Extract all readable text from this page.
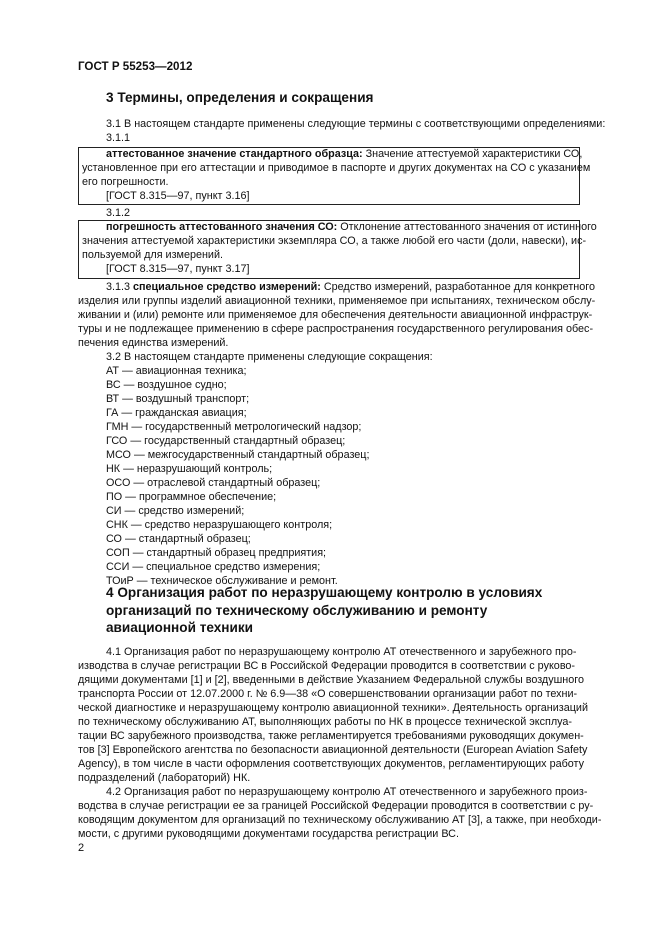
ГОСТ Р 55253—2012
3 Термины, определения и сокращения
3.1 В настоящем стандарте применены следующие термины с соответствующими определениями:
3.1.1
аттестованное значение стандартного образца: Значение аттестуемой характеристики СО,
установленное при его аттестации и приводимое в паспорте и других документах на СО с указанием
его погрешности.
[ГОСТ 8.315—97, пункт 3.16]
3.1.2
погрешность аттестованного значения СО: Отклонение аттестованного значения от истинного
значения аттестуемой характеристики экземпляра СО, а также любой его части (доли, навески), ис-
пользуемой для измерений.
[ГОСТ 8.315—97, пункт 3.17]
3.1.3 специальное средство измерений: Средство измерений, разработанное для конкретного
изделия или группы изделий авиационной техники, применяемое при испытаниях, техническом обслу-
живании и (или) ремонте или применяемое для обеспечения деятельности авиационной инфраструк-
туры и не подлежащее применению в сфере распространения государственного регулирования обес-
печения единства измерений.
3.2 В настоящем стандарте применены следующие сокращения:
АТ — авиационная техника;
ВС — воздушное судно;
ВТ — воздушный транспорт;
ГА — гражданская авиация;
ГМН — государственный метрологический надзор;
ГСО — государственный стандартный образец;
МСО — межгосударственный стандартный образец;
НК — неразрушающий контроль;
ОСО — отраслевой стандартный образец;
ПО — программное обеспечение;
СИ — средство измерений;
СНК — средство неразрушающего контроля;
СО — стандартный образец;
СОП — стандартный образец предприятия;
ССИ — специальное средство измерения;
ТОиР — техническое обслуживание и ремонт.
4 Организация работ по неразрушающему контролю в условиях организаций по техническому обслуживанию и ремонту авиационной техники
4.1 Организация работ по неразрушающему контролю АТ отечественного и зарубежного про-
изводства в случае регистрации ВС в Российской Федерации проводится в соответствии с руково-
дящими документами [1] и [2], введенными в действие Указанием Федеральной службы воздушного
транспорта России от 12.07.2000 г. № 6.9—38 «О совершенствовании организации работ по техни-
ческой диагностике и неразрушающему контролю авиационной техники». Деятельность организаций
по техническому обслуживанию АТ, выполняющих работы по НК в процессе технической эксплуа-
тации ВС зарубежного производства, также регламентируется требованиями руководящих докумен-
тов [3] Европейского агентства по безопасности авиационной деятельности (European Aviation Safety
Agency), в том числе в части оформления соответствующих документов, регламентирующих работу
подразделений (лабораторий) НК.
4.2 Организация работ по неразрушающему контролю АТ отечественного и зарубежного произ-
водства в случае регистрации ее за границей Российской Федерации проводится в соответствии с ру-
ководящим документом для организаций по техническому обслуживанию АТ [3], а также, при необходи-
мости, с другими руководящими документами государства регистрации ВС.
2
